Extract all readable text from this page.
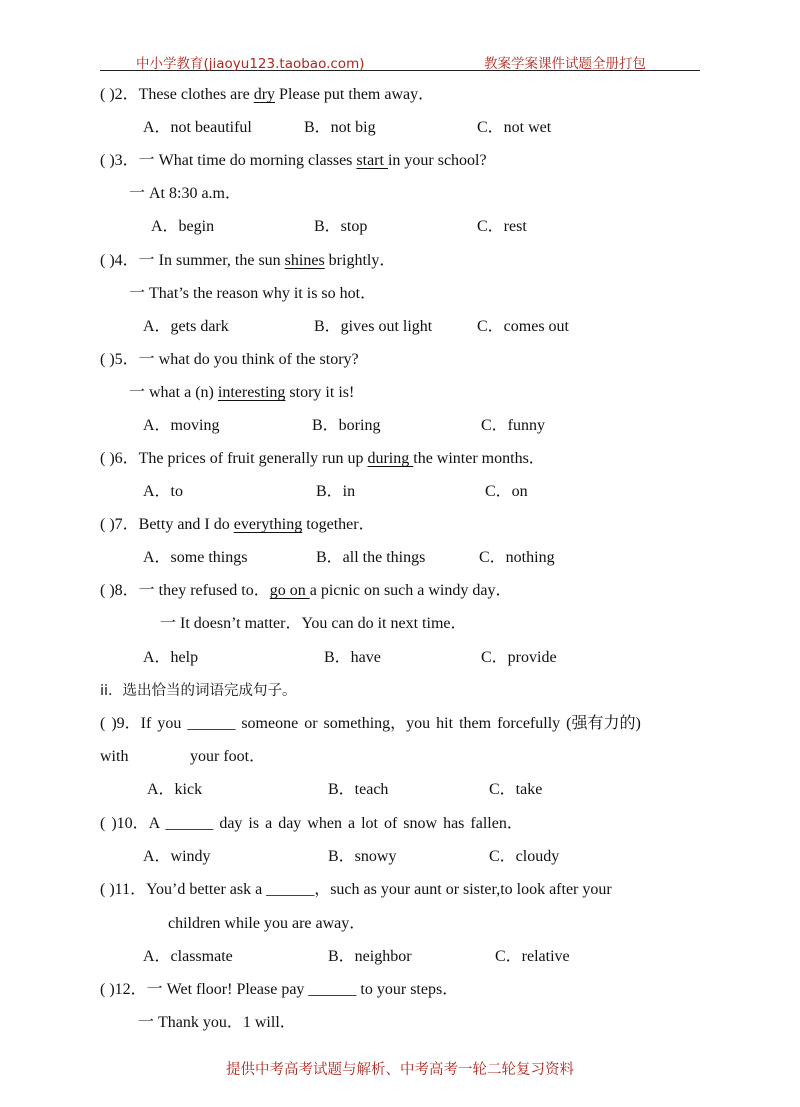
中小学教育(jiaoyu123.taobao.com)	教案学案课件试题全册打包
( )2．These clothes are dry Please put them away．
A．not beautiful	B．not big	C．not wet
( )3．一 What time do morning classes start in your school?
一 At 8:30 a.m．
A．begin	B．stop	C．rest
( )4．一 In summer, the sun shines brightly．
一 That’s the reason why it is so hot．
A．gets dark	B．gives out light	C．comes out
( )5．一 what do you think of the story?
一 what a (n) interesting story it is!
A．moving	B．boring	C．funny
( )6．The prices of fruit generally run up during the winter months．
A．to	B．in	C．on
( )7．Betty and I do everything together．
A．some things	B．all the things	C．nothing
( )8．一 they refused to．go on a picnic on such a windy day．
一 It doesn’t matter．You can do it next time．
A．help	B．have	C．provide
ii．选出恰当的词语完成句子。
( )9．If you ______ someone or something，you hit them forcefully (强有力的)
with	your foot．
A．kick	B．teach	C．take
( )10．A ______ day is a day when a lot of snow has fallen．
A．windy	B．snowy	C．cloudy
( )11．You’d better ask a ______，such as your aunt or sister,to look after your
children while you are away．
A．classmate	B．neighbor	C．relative
( )12．一 Wet floor! Please pay ______ to your steps．
一 Thank you．1 will．
提供中考高考试题与解析、中考高考一轮二轮复习资料
